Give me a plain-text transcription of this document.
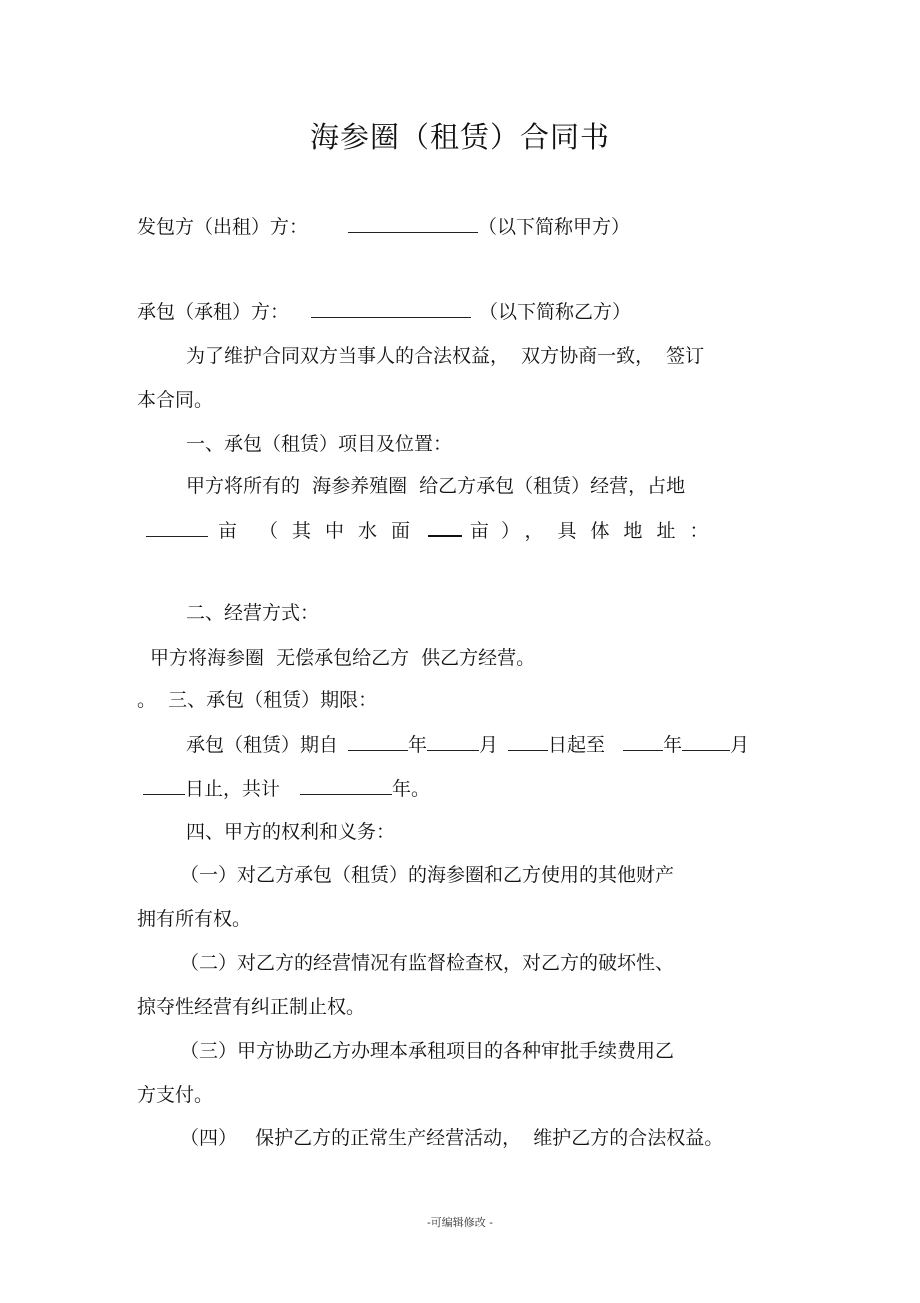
海参圈（租赁）合同书
发包方（出租）方：	（以下简称甲方）
承包（承租）方：	（以下简称乙方）
为了维护合同双方当事人的合法权益，  双方协商一致，  签订
本合同。
一、承包（租赁）项目及位置：
甲方将所有的  海参养殖圈  给乙方承包（租赁）经营，占地
亩 （其中水面 亩 ），具体地址：
二、经营方式：
甲方将海参圈  无偿承包给乙方  供乙方经营。
。  三、承包（租赁）期限：
承包（租赁）期自	年	月	日起至	年	月
日止，共计	年。
四、甲方的权利和义务：
（一）对乙方承包（租赁）的海参圈和乙方使用的其他财产
拥有所有权。
（二）对乙方的经营情况有监督检查权，对乙方的破坏性、
掠夺性经营有纠正制止权。
（三）甲方协助乙方办理本承租项目的各种审批手续费用乙
方支付。
（四）   保护乙方的正常生产经营活动，  维护乙方的合法权益。
-可编辑修改 -
